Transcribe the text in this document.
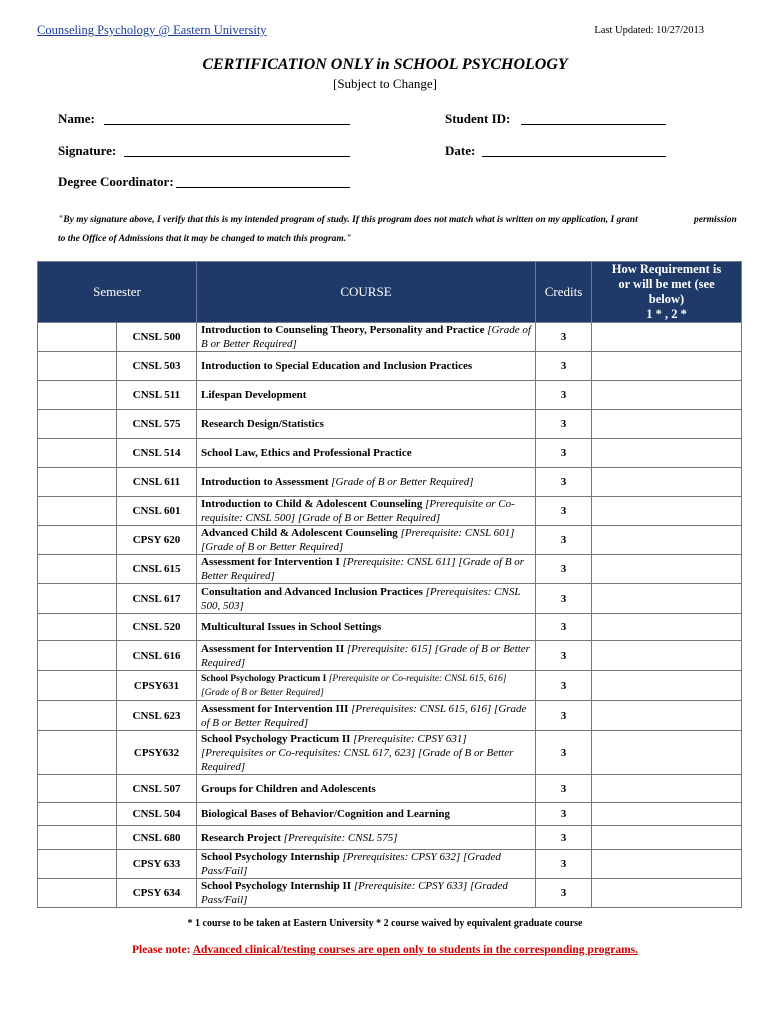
Counseling Psychology @ Eastern University	Last Updated: 10/27/2013
CERTIFICATION ONLY in SCHOOL PSYCHOLOGY
[Subject to Change]
Name:	Student ID:
Signature:	Date:
Degree Coordinator:
"By my signature above, I verify that this is my intended program of study. If this program does not match what is written on my application, I grant	permission

to the Office of Admissions that it may be changed to match this program."
Semester		COURSE	Credits	How Requirement is
or will be met (see
below)
1 * , 2 *
	CNSL 500	Introduction to Counseling Theory, Personality and Practice [Grade of B or Better Required]	3	
	CNSL 503	Introduction to Special Education and Inclusion Practices	3	
	CNSL 511	Lifespan Development	3	
	CNSL 575	Research Design/Statistics	3	
	CNSL 514	School Law, Ethics and Professional Practice	3	
	CNSL 611	Introduction to Assessment [Grade of B or Better Required]	3	
	CNSL 601	Introduction to Child & Adolescent Counseling [Prerequisite or Co-requisite: CNSL 500] [Grade of B or Better Required]	3	
	CPSY 620	Advanced Child & Adolescent Counseling [Prerequisite: CNSL 601] [Grade of B or Better Required]	3	
	CNSL 615	Assessment for Intervention I [Prerequisite: CNSL 611] [Grade of B or Better Required]	3	
	CNSL 617	Consultation and Advanced Inclusion Practices [Prerequisites: CNSL 500, 503]	3	
	CNSL 520	Multicultural Issues in School Settings	3	
	CNSL 616	Assessment for Intervention II [Prerequisite: 615] [Grade of B or Better Required]	3	
	CPSY631	School Psychology Practicum I [Prerequisite or Co-requisite: CNSL 615, 616] [Grade of B or Better Required]	3	
	CNSL 623	Assessment for Intervention III [Prerequisites: CNSL 615, 616] [Grade of B or Better Required]	3	
	CPSY632	School Psychology Practicum II [Prerequisite: CPSY 631] [Prerequisites or Co-requisites: CNSL 617, 623] [Grade of B or Better Required]	3	
	CNSL 507	Groups for Children and Adolescents	3	
	CNSL 504	Biological Bases of Behavior/Cognition and Learning	3	
	CNSL 680	Research Project [Prerequisite: CNSL 575]	3	
	CPSY 633	School Psychology Internship [Prerequisites: CPSY 632] [Graded Pass/Fail]	3	
	CPSY 634	School Psychology Internship II [Prerequisite: CPSY 633] [Graded Pass/Fail]	3	
* 1 course to be taken at Eastern University * 2 course waived by equivalent graduate course
Please note: Advanced clinical/testing courses are open only to students in the corresponding programs.
